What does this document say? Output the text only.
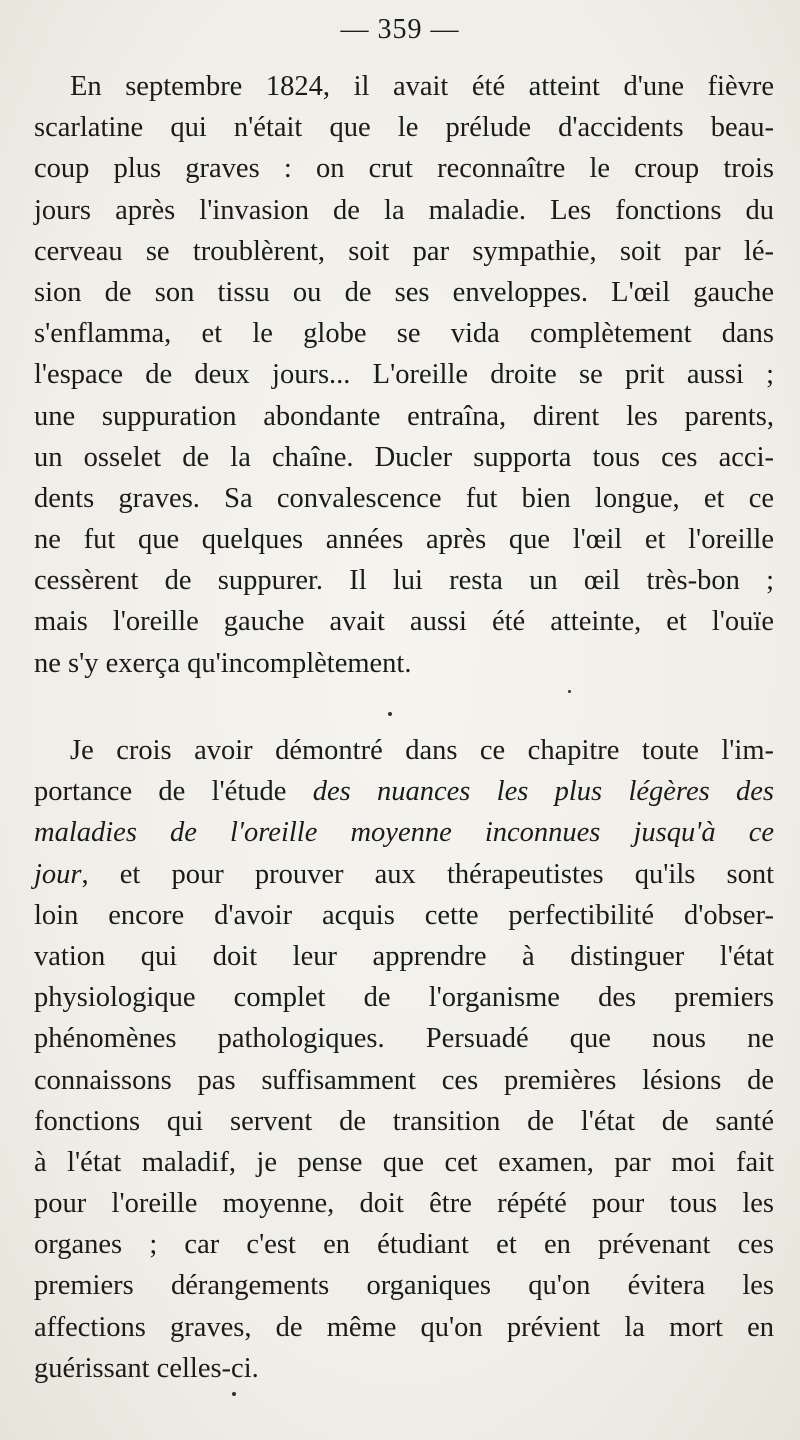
— 359 —
En septembre 1824, il avait été atteint d'une fièvre
scarlatine qui n'était que le prélude d'accidents beau-
coup plus graves : on crut reconnaître le croup trois
jours après l'invasion de la maladie. Les fonctions du
cerveau se troublèrent, soit par sympathie, soit par lé-
sion de son tissu ou de ses enveloppes. L'œil gauche
s'enflamma, et le globe se vida complètement dans
l'espace de deux jours... L'oreille droite se prit aussi ;
une suppuration abondante entraîna, dirent les parents,
un osselet de la chaîne. Ducler supporta tous ces acci-
dents graves. Sa convalescence fut bien longue, et ce
ne fut que quelques années après que l'œil et l'oreille
cessèrent de suppurer. Il lui resta un œil très-bon ;
mais l'oreille gauche avait aussi été atteinte, et l'ouïe
ne s'y exerça qu'incomplètement.
Je crois avoir démontré dans ce chapitre toute l'im-
portance de l'étude des nuances les plus légères des
maladies de l'oreille moyenne inconnues jusqu'à ce
jour, et pour prouver aux thérapeutistes qu'ils sont
loin encore d'avoir acquis cette perfectibilité d'obser-
vation qui doit leur apprendre à distinguer l'état
physiologique complet de l'organisme des premiers
phénomènes pathologiques. Persuadé que nous ne
connaissons pas suffisamment ces premières lésions de
fonctions qui servent de transition de l'état de santé
à l'état maladif, je pense que cet examen, par moi fait
pour l'oreille moyenne, doit être répété pour tous les
organes ; car c'est en étudiant et en prévenant ces
premiers dérangements organiques qu'on évitera les
affections graves, de même qu'on prévient la mort en
guérissant celles-ci.
